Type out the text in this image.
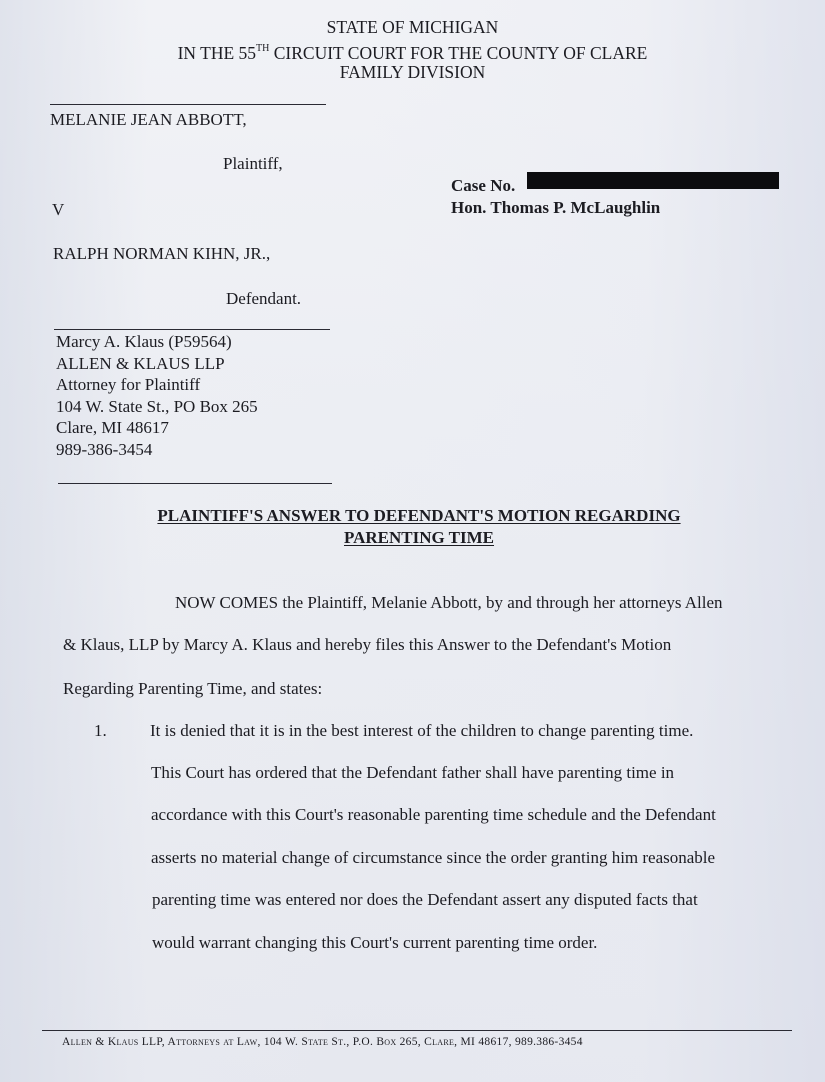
STATE OF MICHIGAN
IN THE 55TH CIRCUIT COURT FOR THE COUNTY OF CLARE
FAMILY DIVISION
MELANIE JEAN ABBOTT,
Plaintiff,
V
RALPH NORMAN KIHN, JR.,
Defendant.
Case No.
Hon. Thomas P. McLaughlin
Marcy A. Klaus (P59564)
ALLEN & KLAUS LLP
Attorney for Plaintiff
104 W. State St., PO Box 265
Clare, MI 48617
989-386-3454
PLAINTIFF'S ANSWER TO DEFENDANT'S MOTION REGARDING
PARENTING TIME
NOW COMES the Plaintiff, Melanie Abbott, by and through her attorneys Allen
& Klaus, LLP by Marcy A. Klaus and hereby files this Answer to the Defendant's Motion
Regarding Parenting Time, and states:
1.	It is denied that it is in the best interest of the children to change parenting time.
This Court has ordered that the Defendant father shall have parenting time in
accordance with this Court's reasonable parenting time schedule and the Defendant
asserts no material change of circumstance since the order granting him reasonable
parenting time was entered nor does the Defendant assert any disputed facts that
would warrant changing this Court's current parenting time order.
Allen & Klaus LLP, Attorneys at Law, 104 W. State St., P.O. Box 265, Clare, MI 48617, 989.386-3454
